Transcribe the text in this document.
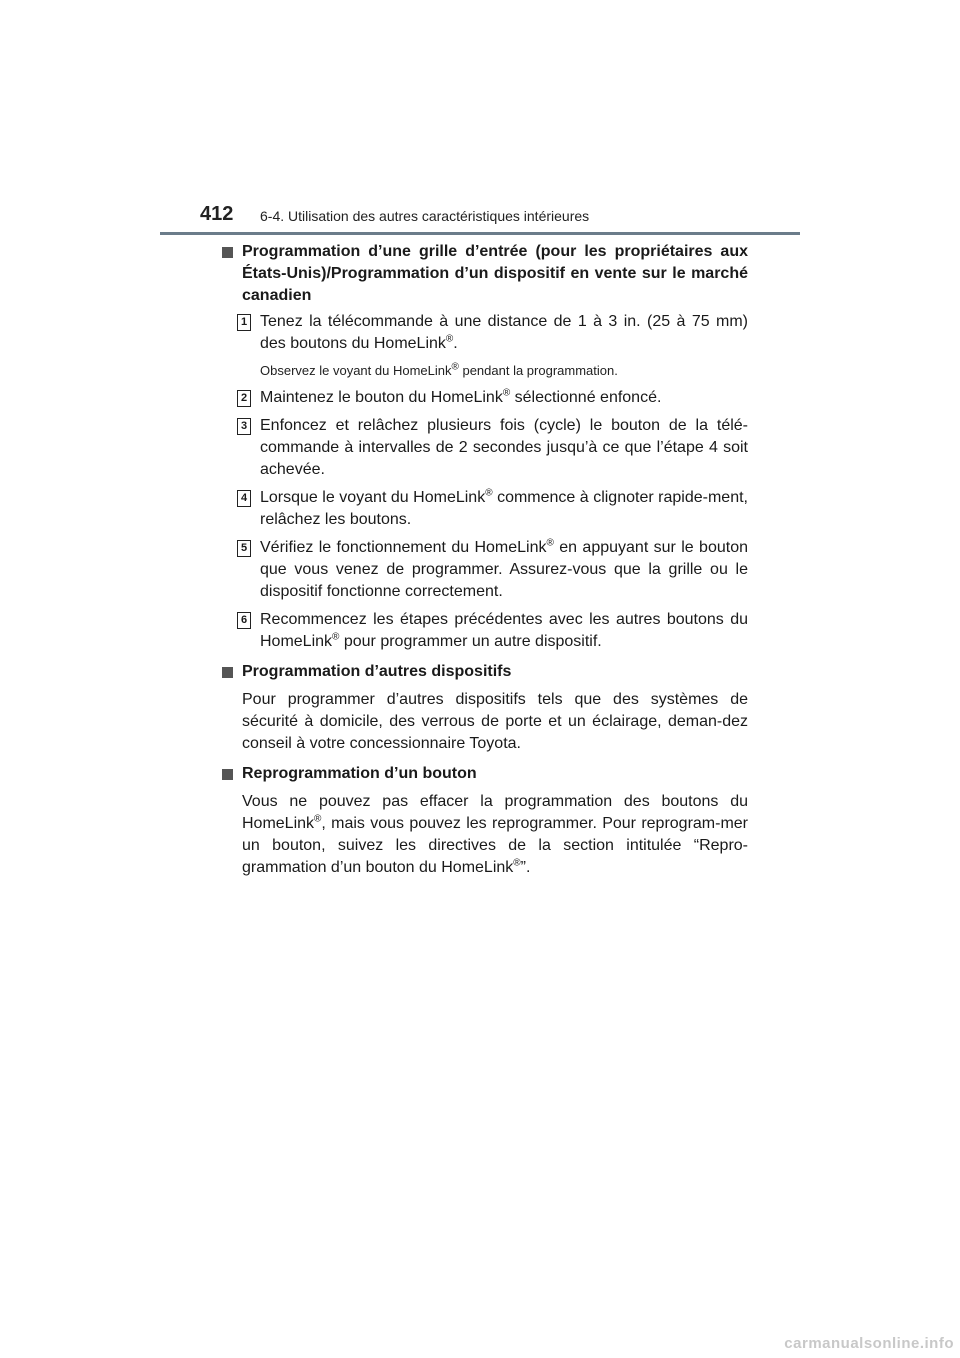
412 6-4. Utilisation des autres caractéristiques intérieures
Programmation d’une grille d’entrée (pour les propriétaires aux États-Unis)/Programmation d’un dispositif en vente sur le marché canadien
1 Tenez la télécommande à une distance de 1 à 3 in. (25 à 75 mm) des boutons du HomeLink®.
Observez le voyant du HomeLink® pendant la programmation.
2 Maintenez le bouton du HomeLink® sélectionné enfoncé.
3 Enfoncez et relâchez plusieurs fois (cycle) le bouton de la télé-commande à intervalles de 2 secondes jusqu’à ce que l’étape 4 soit achevée.
4 Lorsque le voyant du HomeLink® commence à clignoter rapide-ment, relâchez les boutons.
5 Vérifiez le fonctionnement du HomeLink® en appuyant sur le bouton que vous venez de programmer. Assurez-vous que la grille ou le dispositif fonctionne correctement.
6 Recommencez les étapes précédentes avec les autres boutons du HomeLink® pour programmer un autre dispositif.
Programmation d’autres dispositifs
Pour programmer d’autres dispositifs tels que des systèmes de sécurité à domicile, des verrous de porte et un éclairage, deman-dez conseil à votre concessionnaire Toyota.
Reprogrammation d’un bouton
Vous ne pouvez pas effacer la programmation des boutons du HomeLink®, mais vous pouvez les reprogrammer. Pour reprogram-mer un bouton, suivez les directives de la section intitulée “Repro-grammation d’un bouton du HomeLink®”.
carmanualsonline.info
